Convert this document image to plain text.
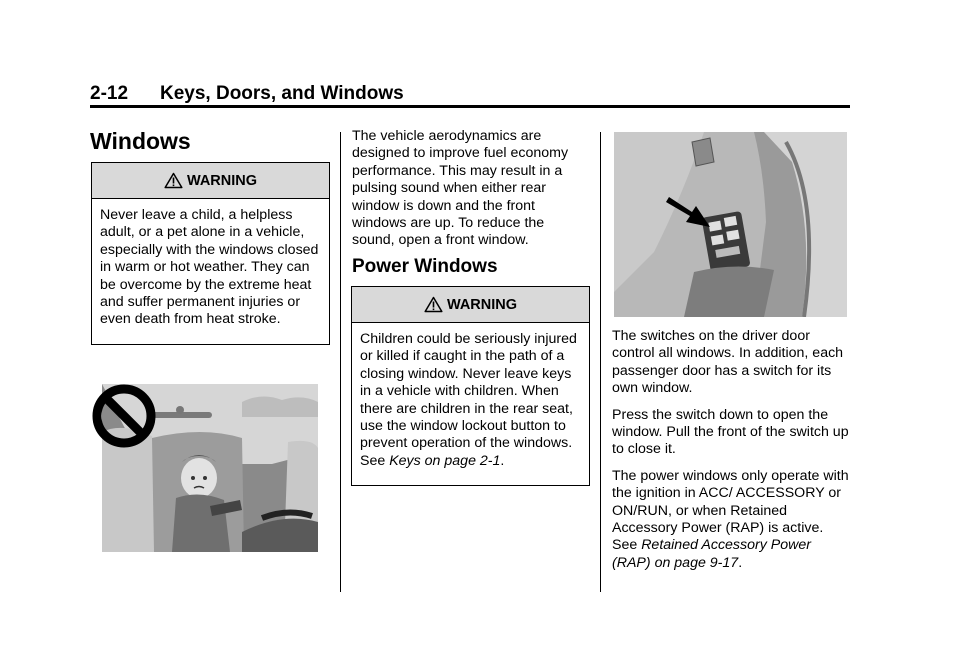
2-12 Keys, Doors, and Windows
Windows
WARNING

Never leave a child, a helpless adult, or a pet alone in a vehicle, especially with the windows closed in warm or hot weather. They can be overcome by the extreme heat and suffer permanent injuries or even death from heat stroke.

The vehicle aerodynamics are designed to improve fuel economy performance. This may result in a pulsing sound when either rear window is down and the front windows are up. To reduce the sound, open a front window.

Power Windows
WARNING

Children could be seriously injured or killed if caught in the path of a closing window. Never leave keys in a vehicle with children. When there are children in the rear seat, use the window lockout button to prevent operation of the windows. See Keys on page 2-1.

The switches on the driver door control all windows. In addition, each passenger door has a switch for its own window.

Press the switch down to open the window. Pull the front of the switch up to close it.

The power windows only operate with the ignition in ACC/ ACCESSORY or ON/RUN, or when Retained Accessory Power (RAP) is active. See Retained Accessory Power (RAP) on page 9-17.
